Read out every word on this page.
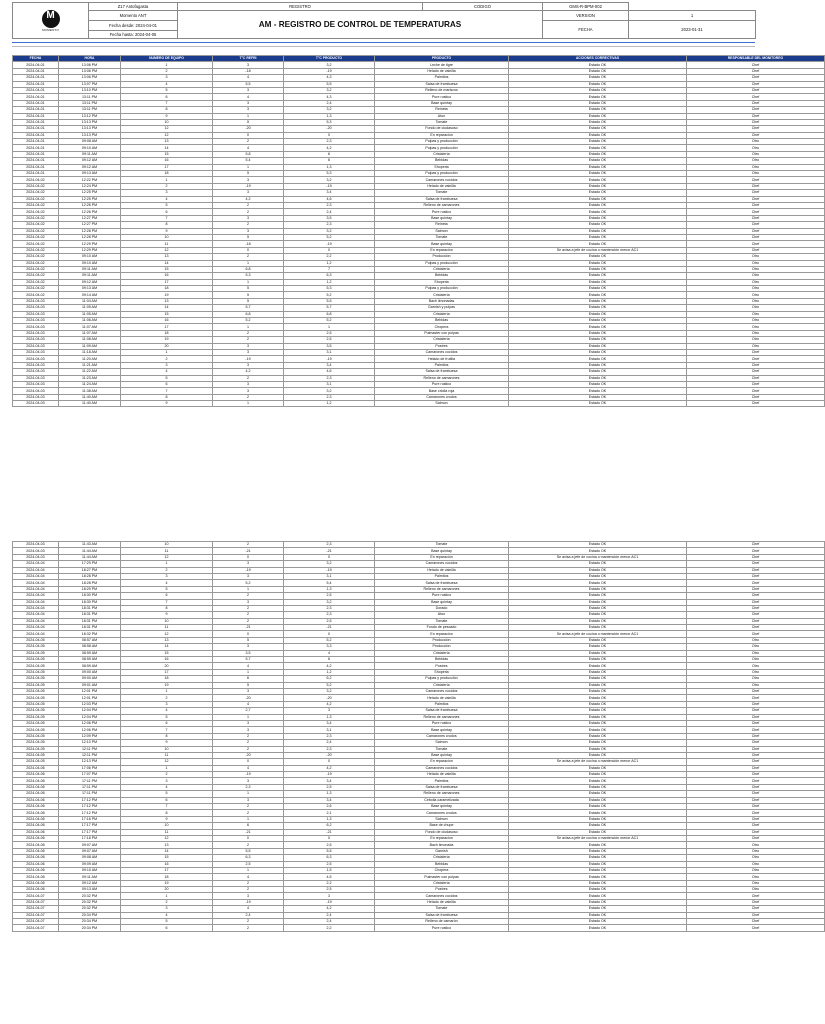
M
MOMENTO	Z17 Antofagasta	REGISTRO	CODIGO	GMS-R-BPM-002	
	Momento ANT	AM - REGISTRO DE CONTROL DE TEMPERATURAS		VERSION	1
	Fecha desde: 2024-04-01			FECHA	2023-01-31
	Fecha hasta: 2024-04-05				
FECHA	HORA	NUMERO DE EQUIPO	T°C REFRI	T°C PRODUCTO	PRODUCTO	ACCIONES CORRECTIVAS	RESPONSABLE DEL MONITOREO
2024-04-01	13:06 PM	1	3	3,2	Leche de tigre	Estado OK	Chef
2024-04-01	13:06 PM	2	-18	-19	Helado de vainilla	Estado OK	Chef
2024-04-01	13:06 PM	3	4	4,3	Palmitos	Estado OK	Chef
2024-04-01	13:07 PM	4	5,5	5,5	Salsa de frambuesa	Estado OK	Chef
2024-04-01	13:10 PM	5	3	3,2	Relleno de mariscos	Estado OK	Chef
2024-04-01	13:11 PM	6	4	4,3	Pure rustico	Estado OK	Chef
2024-04-01	13:11 PM	7	3	2,4	Base quintay	Estado OK	Chef
2024-04-01	13:11 PM	8	3	3,2	Reineta	Estado OK	Chef
2024-04-01	13:12 PM	9	1	1,3	Atun	Estado OK	Chef
2024-04-01	13:13 PM	10	5	5,3	Tomate	Estado OK	Chef
2024-04-01	13:13 PM	12	-20	-20	Fondo de ciudasoso	Estado OK	Chef
2024-04-01	13:13 PM	12	0	0	En reparacion	Estado OK	Chef
2024-04-01	09:08 AM	13	2	2,3	Pulpas y producción	Estado OK	Otro
2024-04-01	09:10 AM	14	4	4,2	Pulpas y producción	Estado OK	Otro
2024-04-01	09:11 AM	15	5,8	6	Cristalería	Estado OK	Otro
2024-04-01	09:12 AM	16	5,4	6	Bebidas	Estado OK	Otro
2024-04-01	09:12 AM	17	1	1,3	Shoperia	Estado OK	Otro
2024-04-01	09:13 AM	18	5	5,3	Pulpas y producción	Estado OK	Otro
2024-04-02	12:22 PM	1	3	3,2	Camarones cocidos	Estado OK	Chef
2024-04-02	12:24 PM	2	-19	-19	Helado de vainilla	Estado OK	Chef
2024-04-02	12:25 PM	3	3	3,4	Tomate	Estado OK	Chef
2024-04-02	12:25 PM	4	4,2	4,6	Salsa de frambuesa	Estado OK	Chef
2024-04-02	12:26 PM	5	2	2,3	Relleno de camarones	Estado OK	Chef
2024-04-02	12:26 PM	6	2	2,4	Pure rustico	Estado OK	Chef
2024-04-02	12:27 PM	7	3	3,5	Base quintay	Estado OK	Chef
2024-04-02	12:27 PM	8	2	2,3	Reineta	Estado OK	Chef
2024-04-02	12:28 PM	9	3	3,2	Salmon	Estado OK	Chef
2024-04-02	12:28 PM	10	5	5,2	Tomate	Estado OK	Chef
2024-04-02	12:29 PM	11	-18	-19	Base quintay	Estado OK	Chef
2024-04-02	12:29 PM	12	0	0	En reparacion	Se avisa a jefe de cocina o mantención menor AC1	Chef
2024-04-02	09:10 AM	13	2	2,2	Producción	Estado OK	Otro
2024-04-02	09:10 AM	14	1	1,2	Pulpas y producción	Estado OK	Otro
2024-04-02	09:11 AM	15	6,8	7	Cristalería	Estado OK	Otro
2024-04-02	09:11 AM	16	5,3	6,3	Bebidas	Estado OK	Otro
2024-04-02	09:12 AM	17	1	1,2	Shoperia	Estado OK	Otro
2024-04-02	09:13 AM	18	5	5,3	Pulpas y producción	Estado OK	Otro
2024-04-02	09:14 AM	19	5	5,2	Cristalería	Estado OK	Otro
2024-04-03	11:04 AM	13	5	5,5	Bach limonadas	Estado OK	Otro
2024-04-03	11:05 AM	14	5,7	5,7	Garnish y pulpas	Estado OK	Otro
2024-04-03	11:05 AM	15	6,8	6,8	Cristalería	Estado OK	Otro
2024-04-03	11:06 AM	16	5,2	5,2	Bebidas	Estado OK	Otro
2024-04-03	11:07 AM	17	1	1	Chopera	Estado OK	Otro
2024-04-03	11:07 AM	18	2	2,5	Pulmaster con pulpas	Estado OK	Otro
2024-04-03	11:08 AM	19	2	2,5	Cristalería	Estado OK	Otro
2024-04-03	11:09 AM	20	3	3,5	Postres	Estado OK	Otro
2024-04-03	11:18 AM	1	3	3,1	Camarones cocidos	Estado OK	Chef
2024-04-03	11:20 AM	2	-19	-19	Helado de frutilla	Estado OK	Chef
2024-04-03	11:21 AM	3	3	3,4	Palmitos	Estado OK	Chef
2024-04-03	11:22 AM	4	4,2	4,6	Salsa de frambuesa	Estado OK	Chef
2024-04-03	11:23 AM	5	2	2,3	Relleno de camarones	Estado OK	Chef
2024-04-03	11:24 AM	6	3	3,1	Pure rustico	Estado OK	Chef
2024-04-03	11:38 AM	7	3	3,2	Base criolla roja	Estado OK	Chef
2024-04-03	11:40 AM	8	2	2,3	Camarones crudos	Estado OK	Chef
2024-04-03	11:40 AM	9	1	1,2	Salmon	Estado OK	Chef
2024-04-03	11:43 AM	10	2	2,3	Tomate	Estado OK	Chef
2024-04-03	11:44 AM	11	-21	-21	Base quintay	Estado OK	Chef
2024-04-03	11:44 AM	12	0	0	En reparacion	Se avisa a jefe de cocina o mantención menor AC1	Chef
2024-04-04	17:29 PM	1	3	3,2	Camarones cocidos	Estado OK	Chef
2024-04-04	18:27 PM	2	-19	-19	Helado de vainilla	Estado OK	Chef
2024-04-04	18:28 PM	3	3	3,1	Palmitos	Estado OK	Chef
2024-04-04	18:28 PM	4	5,2	5,4	Salsa de frambuesa	Estado OK	Chef
2024-04-04	18:29 PM	5	1	1,3	Relleno de camarones	Estado OK	Chef
2024-04-04	18:30 PM	6	2	2,5	Pure rustico	Estado OK	Chef
2024-04-04	18:30 PM	7	3	3,2	Base quintay	Estado OK	Chef
2024-04-04	18:31 PM	8	2	2,3	Dorado	Estado OK	Chef
2024-04-04	18:31 PM	9	2	2,3	Atun	Estado OK	Chef
2024-04-04	18:31 PM	10	2	2,5	Tomate	Estado OK	Chef
2024-04-04	18:31 PM	11	-21	-21	Fondo de pescado	Estado OK	Chef
2024-04-04	18:32 PM	12	0	0	En reparacion	Se avisa a jefe de cocina o mantención menor AC1	Chef
2024-04-05	08:57 AM	13	5	5,2	Producción	Estado OK	Otro
2024-04-05	08:58 AM	14	3	3,3	Producción	Estado OK	Otro
2024-04-05	08:59 AM	15	3,5	4	Cristalería	Estado OK	Otro
2024-04-05	08:59 AM	16	5,7	6	Bebidas	Estado OK	Otro
2024-04-05	08:59 AM	20	4	4,2	Postres	Estado OK	Otro
2024-04-05	09:00 AM	17	1	1,2	Shoperia	Estado OK	Otro
2024-04-05	09:00 AM	18	6	6,2	Pulpas y producción	Estado OK	Otro
2024-04-05	09:01 AM	19	5	5,2	Cristalería	Estado OK	Otro
2024-04-05	12:01 PM	1	3	3,2	Camarones cocidos	Estado OK	Chef
2024-04-05	12:01 PM	2	-20	-20	Helado de vainilla	Estado OK	Chef
2024-04-05	12:03 PM	3	4	4,2	Palmitos	Estado OK	Chef
2024-04-05	12:04 PM	4	2,7	3	Salsa de frambuesa	Estado OK	Chef
2024-04-05	12:04 PM	5	1	1,3	Relleno de camarones	Estado OK	Chef
2024-04-05	12:06 PM	6	3	3,4	Pure rustico	Estado OK	Chef
2024-04-05	12:06 PM	7	3	3,1	Base quintay	Estado OK	Chef
2024-04-05	12:09 PM	8	2	2,3	Camarones crudos	Estado OK	Chef
2024-04-05	12:10 PM	9	2	2,4	Salmon	Estado OK	Chef
2024-04-05	12:11 PM	10	2	2,3	Tomate	Estado OK	Chef
2024-04-05	12:11 PM	11	-20	-20	Base quintay	Estado OK	Chef
2024-04-05	12:13 PM	12	0	0	En reparacion	Se avisa a jefe de cocina o mantención menor AC1	Chef
2024-04-06	17:06 PM	1	4	4,2	Camarones cocidos	Estado OK	Chef
2024-04-06	17:07 PM	2	-19	-19	Helado de vainilla	Estado OK	Chef
2024-04-06	17:11 PM	3	3	3,4	Palmitos	Estado OK	Chef
2024-04-06	17:11 PM	4	2,3	2,5	Salsa de frambuesa	Estado OK	Chef
2024-04-06	17:11 PM	5	1	1,3	Relleno de camarones	Estado OK	Chef
2024-04-06	17:12 PM	6	3	3,4	Cebolla caramelizada	Estado OK	Chef
2024-04-06	17:12 PM	7	2	2,6	Base quintay	Estado OK	Chef
2024-04-06	17:12 PM	8	2	2,1	Camarones crudos	Estado OK	Chef
2024-04-06	17:16 PM	9	1	1,3	Salmon	Estado OK	Chef
2024-04-06	17:17 PM	10	6	6,2	Base de chupe	Estado OK	Chef
2024-04-06	17:17 PM	11	-21	-21	Fondo de ciudasoso	Estado OK	Chef
2024-04-06	17:18 PM	12	0	0	En reparacion	Se avisa a jefe de cocina o mantención menor AC1	Chef
2024-04-06	09:07 AM	13	2	2,5	Bach limonada	Estado OK	Otro
2024-04-06	09:07 AM	14	5,5	5,5	Garnish	Estado OK	Otro
2024-04-06	09:08 AM	15	6,3	6,3	Cristalería	Estado OK	Otro
2024-04-06	09:09 AM	16	2,5	2,5	Bebidas	Estado OK	Otro
2024-04-06	09:10 AM	17	1	1,5	Chopera	Estado OK	Otro
2024-04-06	09:11 AM	18	4	4,5	Pulmaster con pulpas	Estado OK	Otro
2024-04-06	09:12 AM	19	2	2,2	Cristalería	Estado OK	Otro
2024-04-06	09:13 AM	20	2	2,5	Postres	Estado OK	Otro
2024-04-07	20:32 PM	1	3	3	Camarones cocidos	Estado OK	Chef
2024-04-07	20:32 PM	2	-19	-19	Helado de vainilla	Estado OK	Chef
2024-04-07	20:32 PM	3	4	4,2	Tomate	Estado OK	Chef
2024-04-07	20:34 PM	4	2,4	2,4	Salsa de frambuesa	Estado OK	Chef
2024-04-07	20:34 PM	5	2	2,4	Relleno de camarón	Estado OK	Chef
2024-04-07	20:34 PM	6	2	2,2	Pure rustico	Estado OK	Chef
